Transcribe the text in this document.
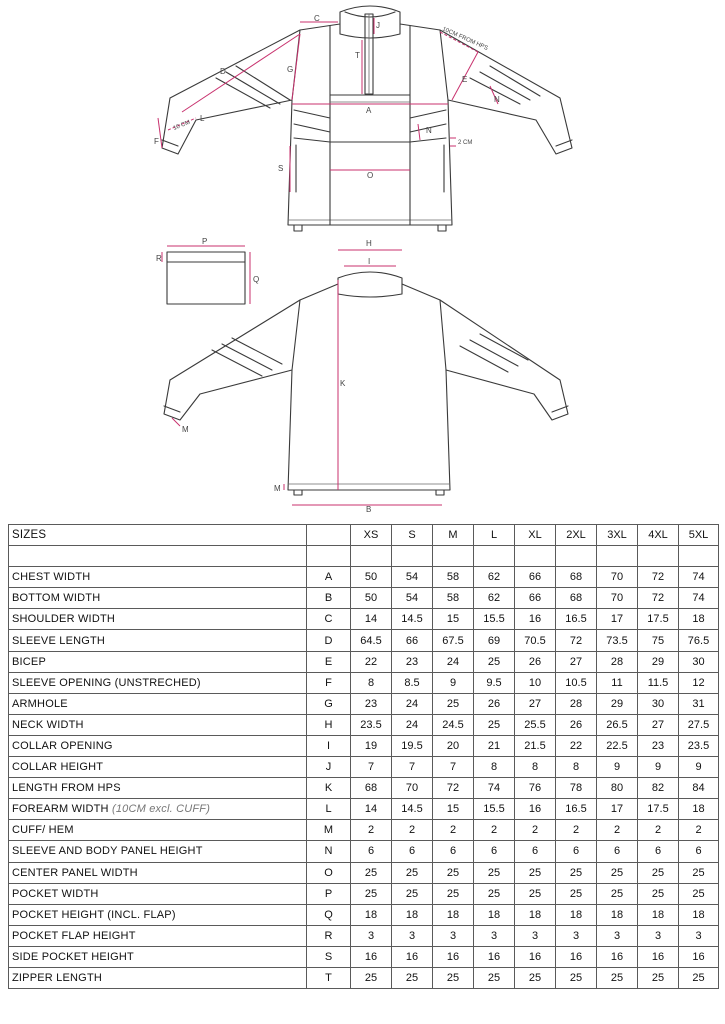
A
O
C
D	G
F
L
10 CM
E
N
N
2 CM
S
T
J
10CM FROM HPS
P
Q
R
H
I
K
B
M
M
SIZES		XS	S	M	L	XL	2XL	3XL	4XL	5XL

CHEST WIDTH	A	50	54	58	62	66	68	70	72	74
BOTTOM WIDTH	B	50	54	58	62	66	68	70	72	74
SHOULDER WIDTH	C	14	14.5	15	15.5	16	16.5	17	17.5	18
SLEEVE LENGTH	D	64.5	66	67.5	69	70.5	72	73.5	75	76.5
BICEP	E	22	23	24	25	26	27	28	29	30
SLEEVE OPENING (UNSTRECHED)	F	8	8.5	9	9.5	10	10.5	11	11.5	12
ARMHOLE	G	23	24	25	26	27	28	29	30	31
NECK WIDTH	H	23.5	24	24.5	25	25.5	26	26.5	27	27.5
COLLAR OPENING	I	19	19.5	20	21	21.5	22	22.5	23	23.5
COLLAR HEIGHT	J	7	7	7	8	8	8	9	9	9
LENGTH FROM HPS	K	68	70	72	74	76	78	80	82	84
FOREARM WIDTH (10CM excl. CUFF)	L	14	14.5	15	15.5	16	16.5	17	17.5	18
CUFF/ HEM	M	2	2	2	2	2	2	2	2	2
SLEEVE AND BODY PANEL HEIGHT	N	6	6	6	6	6	6	6	6	6
CENTER PANEL WIDTH	O	25	25	25	25	25	25	25	25	25
POCKET WIDTH	P	25	25	25	25	25	25	25	25	25
POCKET HEIGHT (INCL. FLAP)	Q	18	18	18	18	18	18	18	18	18
POCKET FLAP HEIGHT	R	3	3	3	3	3	3	3	3	3
SIDE POCKET HEIGHT	S	16	16	16	16	16	16	16	16	16
ZIPPER LENGTH	T	25	25	25	25	25	25	25	25	25
